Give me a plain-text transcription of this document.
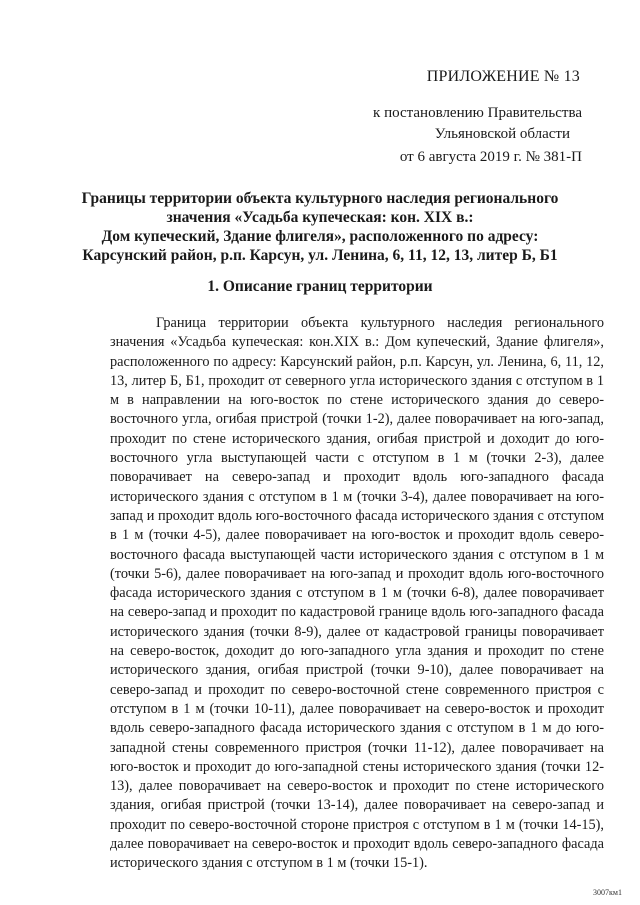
ПРИЛОЖЕНИЕ № 13
к постановлению Правительства
Ульяновской области
от 6 августа 2019 г. № 381-П
Границы территории объекта культурного наследия регионального
значения «Усадьба купеческая: кон. XIX в.:
Дом купеческий, Здание флигеля», расположенного по адресу:
Карсунский район, р.п. Карсун, ул. Ленина, 6, 11, 12, 13, литер Б, Б1
1. Описание границ территории
Граница территории объекта культурного наследия регионального значения «Усадьба купеческая: кон.XIX в.: Дом купеческий, Здание флигеля», расположенного по адресу: Карсунский район, р.п. Карсун, ул. Ленина, 6, 11, 12, 13, литер Б, Б1, проходит от северного угла исторического здания с отступом в 1 м в направлении на юго-восток по стене исторического здания до северо-восточного угла, огибая пристрой (точки 1-2), далее поворачивает на юго-запад, проходит по стене исторического здания, огибая пристрой и доходит до юго-восточного угла выступающей части с отступом в 1 м (точки 2-3), далее поворачивает на северо-запад и проходит вдоль юго-западного фасада исторического здания с отступом в 1 м (точки 3-4), далее поворачивает на юго-запад и проходит вдоль юго-восточного фасада исторического здания с отступом в 1 м (точки 4-5), далее поворачивает на юго-восток и проходит вдоль северо-восточного фасада выступающей части исторического здания с отступом в 1 м (точки 5-6), далее поворачивает на юго-запад и проходит вдоль юго-восточного фасада исторического здания с отступом в 1 м (точки 6-8), далее поворачивает на северо-запад и проходит по кадастровой границе вдоль юго-западного фасада исторического здания (точки 8-9), далее от кадастровой границы поворачивает на северо-восток, доходит до юго-западного угла здания и проходит по стене исторического здания, огибая пристрой (точки 9-10), далее поворачивает на северо-запад и проходит по северо-восточной стене современного пристроя с отступом в 1 м (точки 10-11), далее поворачивает на северо-восток и проходит вдоль северо-западного фасада исторического здания с отступом в 1 м до юго-западной стены современного пристроя (точки 11-12), далее поворачивает на юго-восток и проходит до юго-западной стены исторического здания (точки 12-13), далее поворачивает на северо-восток и проходит по стене исторического здания, огибая пристрой (точки 13-14), далее поворачивает на северо-запад и проходит по северо-восточной стороне пристроя с отступом в 1 м (точки 14-15), далее поворачивает на северо-восток и проходит вдоль северо-западного фасада исторического здания с отступом в 1 м (точки 15-1).
3007км1
